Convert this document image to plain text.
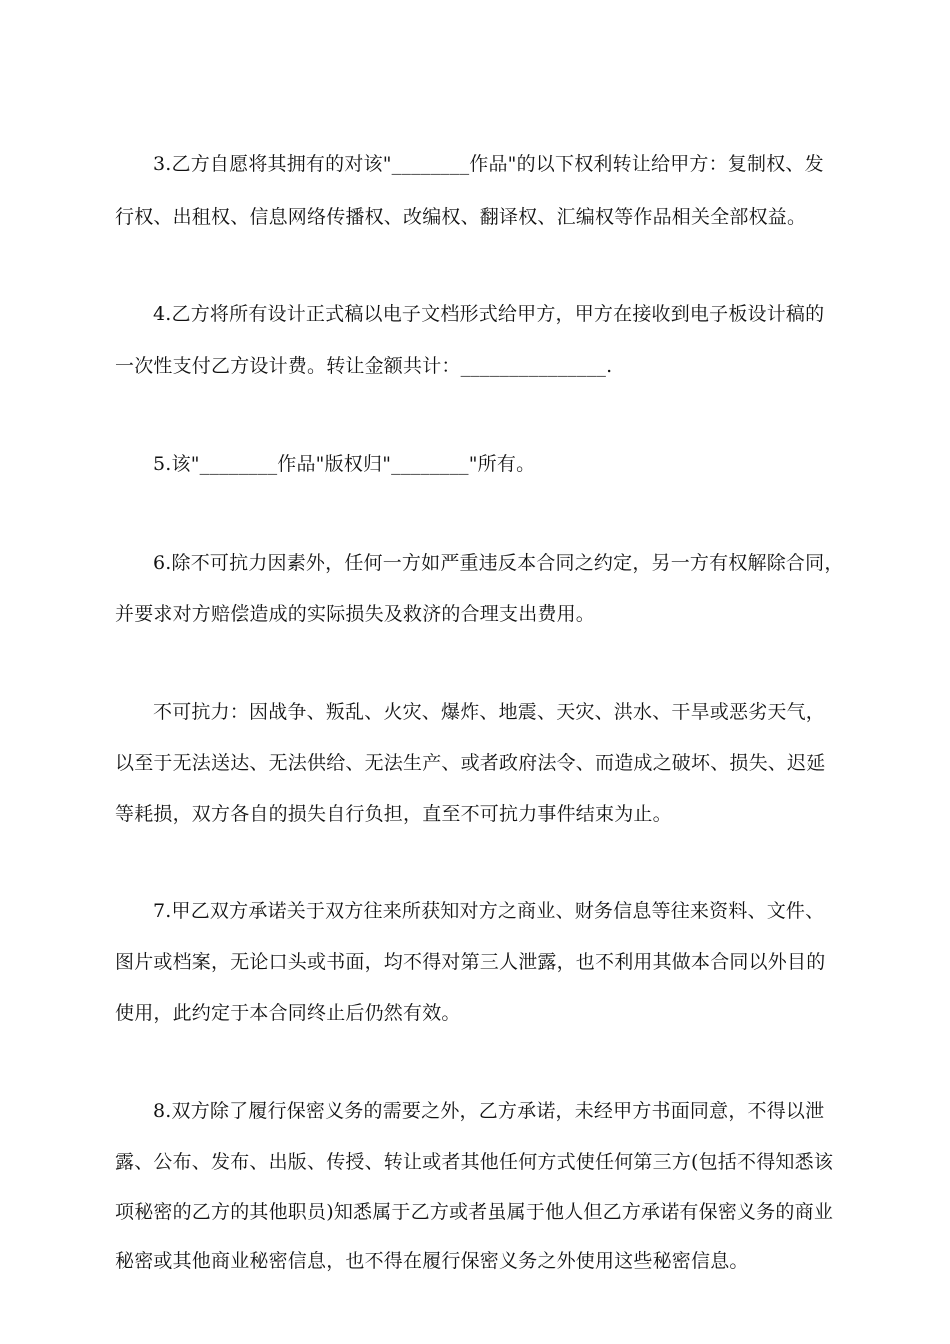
3.乙方自愿将其拥有的对该"________作品"的以下权利转让给甲方：复制权、发
行权、出租权、信息网络传播权、改编权、翻译权、汇编权等作品相关全部权益。
4.乙方将所有设计正式稿以电子文档形式给甲方，甲方在接收到电子板设计稿的
一次性支付乙方设计费。转让金额共计：_______________.
5.该"________作品"版权归"________"所有。
6.除不可抗力因素外，任何一方如严重违反本合同之约定，另一方有权解除合同，
并要求对方赔偿造成的实际损失及救济的合理支出费用。
不可抗力：因战争、叛乱、火灾、爆炸、地震、天灾、洪水、干旱或恶劣天气，
以至于无法送达、无法供给、无法生产、或者政府法令、而造成之破坏、损失、迟延
等耗损，双方各自的损失自行负担，直至不可抗力事件结束为止。
7.甲乙双方承诺关于双方往来所获知对方之商业、财务信息等往来资料、文件、
图片或档案，无论口头或书面，均不得对第三人泄露，也不利用其做本合同以外目的
使用，此约定于本合同终止后仍然有效。
8.双方除了履行保密义务的需要之外，乙方承诺，未经甲方书面同意，不得以泄
露、公布、发布、出版、传授、转让或者其他任何方式使任何第三方(包括不得知悉该
项秘密的乙方的其他职员)知悉属于乙方或者虽属于他人但乙方承诺有保密义务的商业
秘密或其他商业秘密信息，也不得在履行保密义务之外使用这些秘密信息。
